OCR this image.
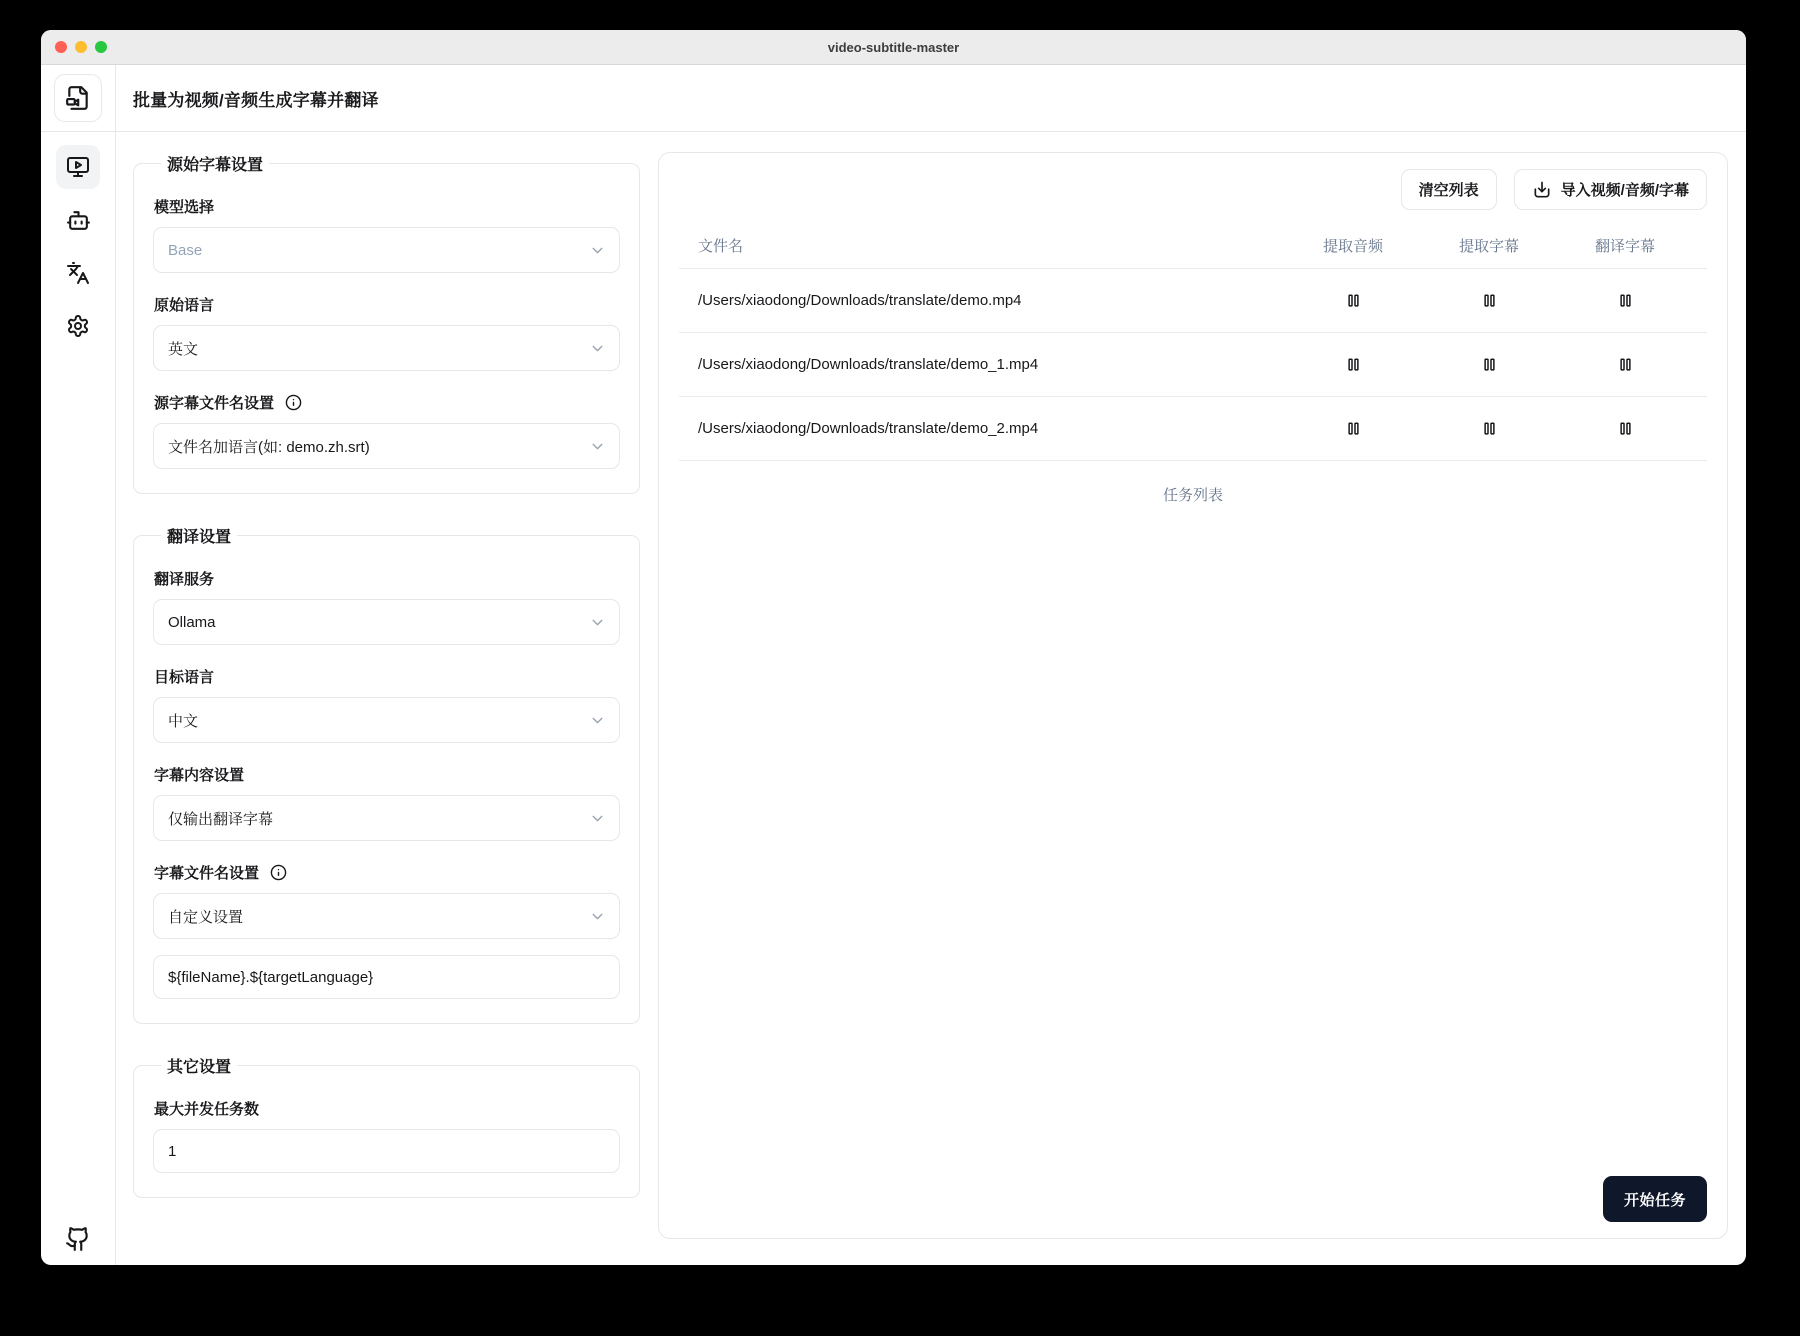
video-subtitle-master
批量为视频/音频生成字幕并翻译
源始字幕设置
模型选择
Base
原始语言
英文
源字幕文件名设置
文件名加语言(如: demo.zh.srt)
翻译设置
翻译服务
Ollama
目标语言
中文
字幕内容设置
仅输出翻译字幕
字幕文件名设置
自定义设置
${fileName}.${targetLanguage}
其它设置
最大并发任务数
1
清空列表	导入视频/音频/字幕
文件名	提取音频	提取字幕	翻译字幕
/Users/xiaodong/Downloads/translate/demo.mp4
/Users/xiaodong/Downloads/translate/demo_1.mp4
/Users/xiaodong/Downloads/translate/demo_2.mp4
任务列表
开始任务
